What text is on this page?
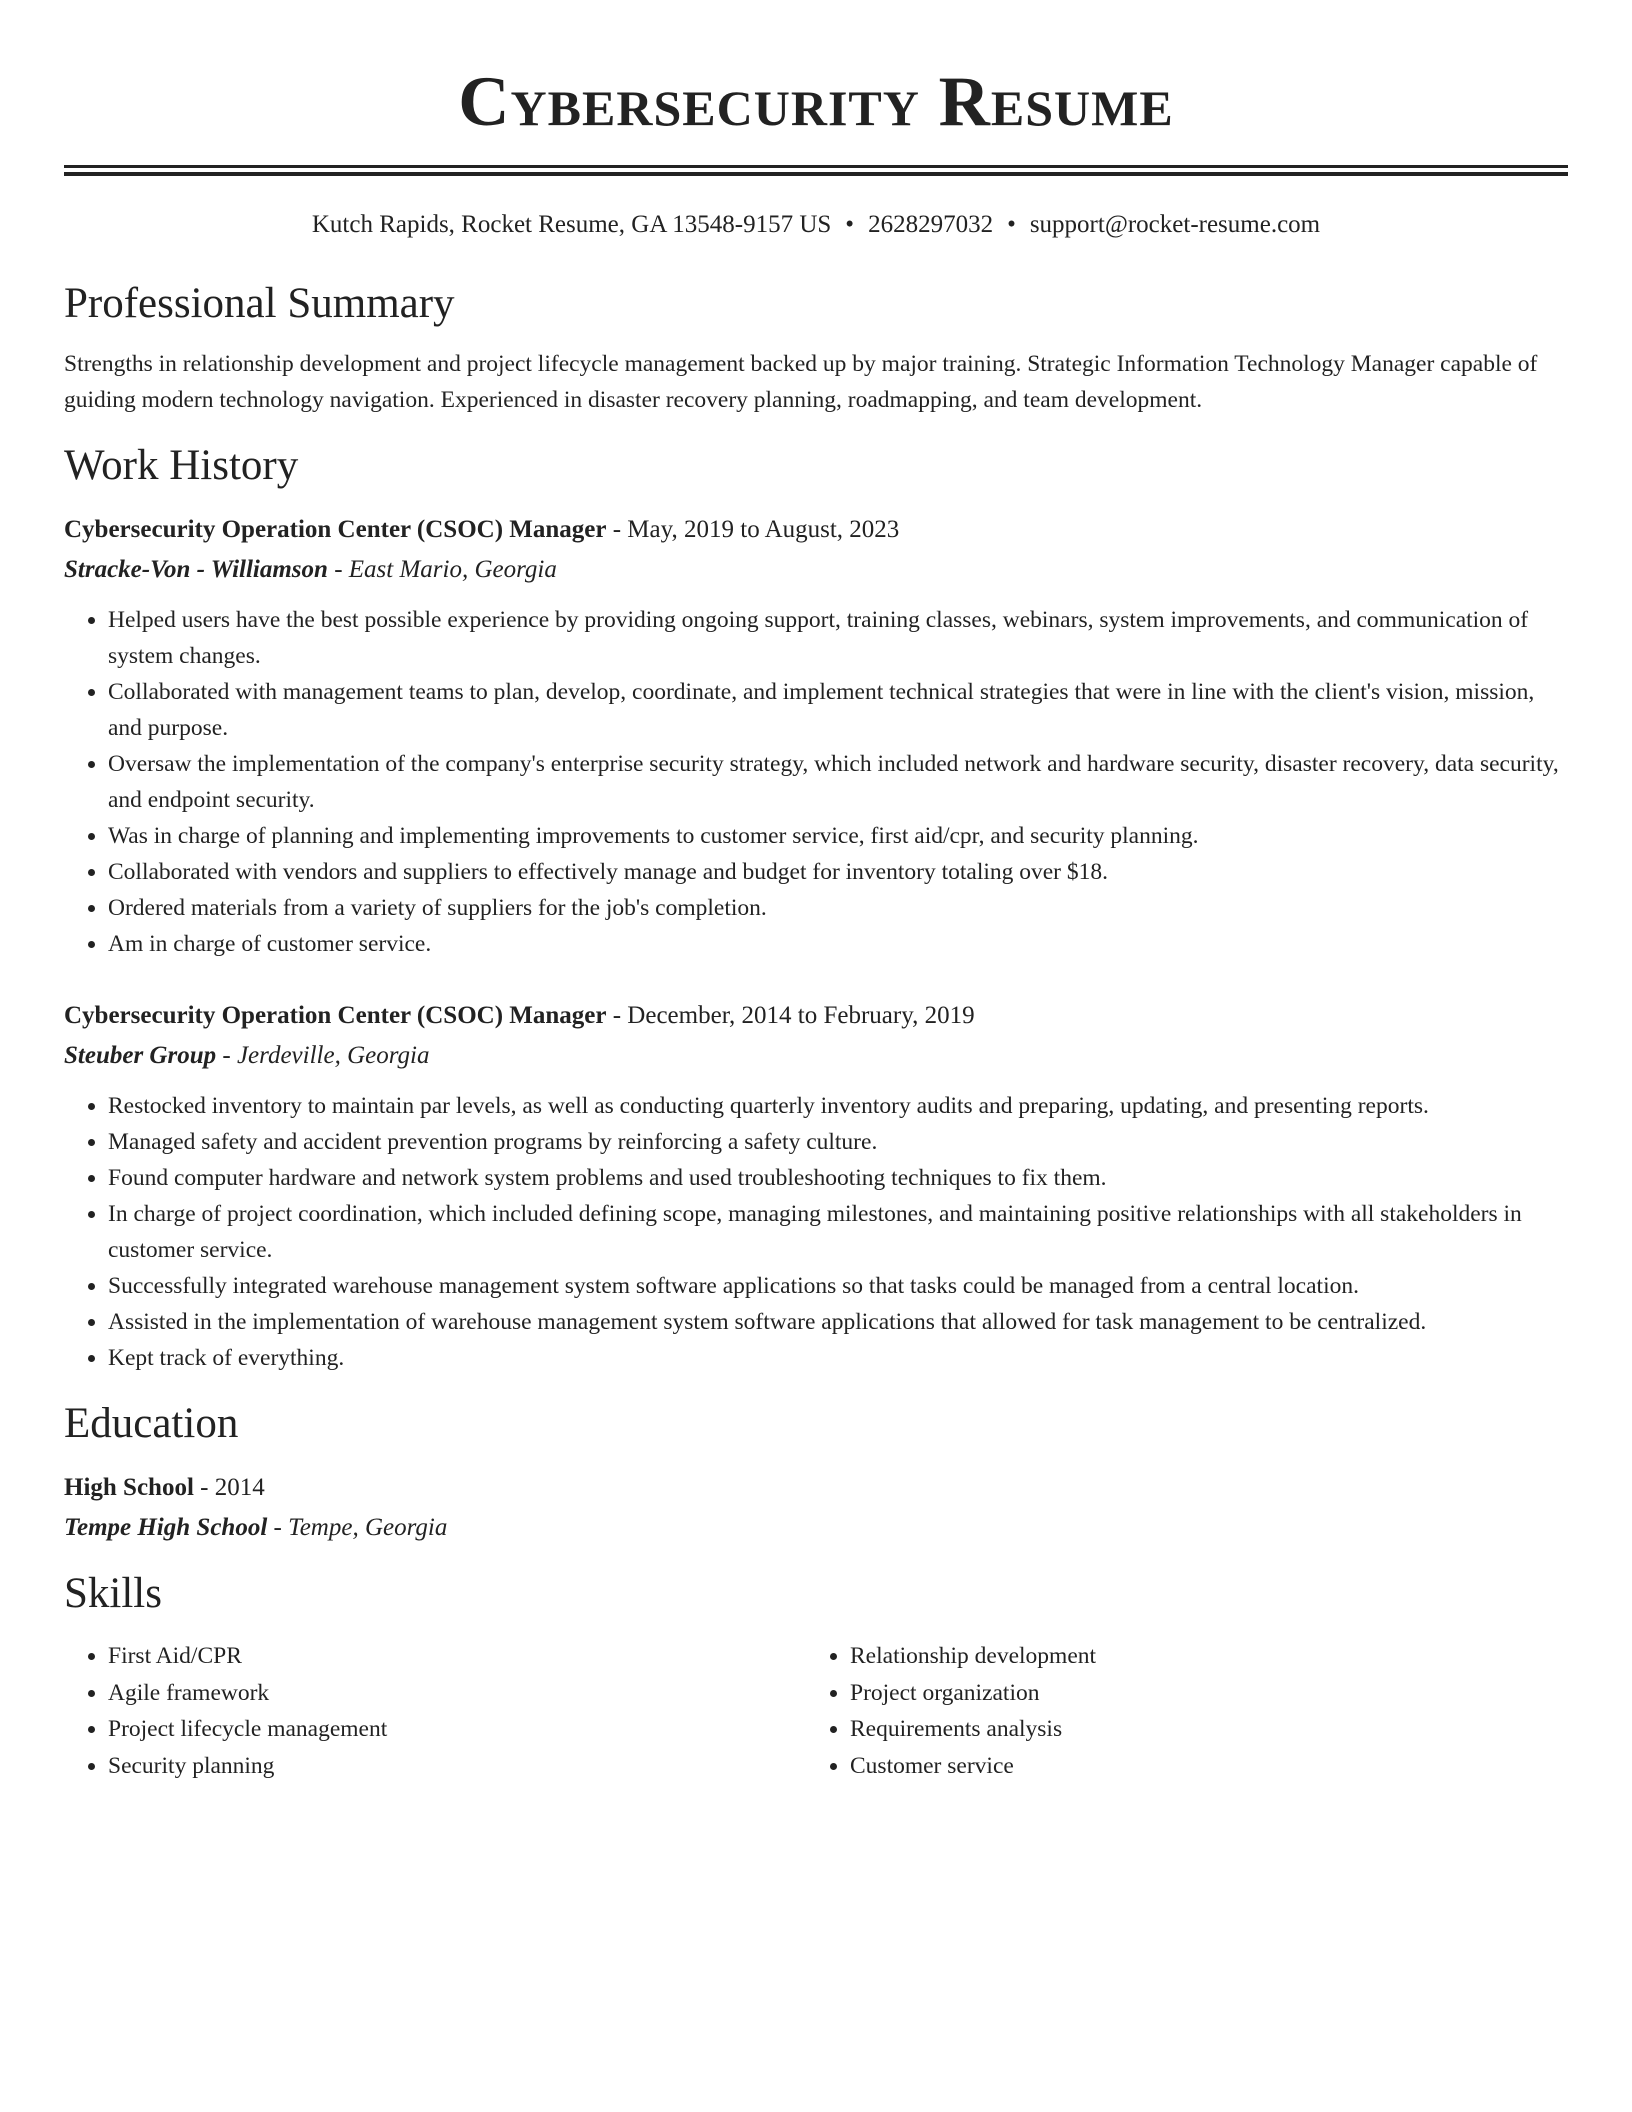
Cybersecurity Resume
Kutch Rapids, Rocket Resume, GA 13548-9157 US • 2628297032 • support@rocket-resume.com
Professional Summary
Strengths in relationship development and project lifecycle management backed up by major training. Strategic Information Technology Manager capable of guiding modern technology navigation. Experienced in disaster recovery planning, roadmapping, and team development.
Work History
Cybersecurity Operation Center (CSOC) Manager - May, 2019 to August, 2023
Stracke-Von - Williamson - East Mario, Georgia
• Helped users have the best possible experience by providing ongoing support, training classes, webinars, system improvements, and communication of system changes.
• Collaborated with management teams to plan, develop, coordinate, and implement technical strategies that were in line with the client's vision, mission, and purpose.
• Oversaw the implementation of the company's enterprise security strategy, which included network and hardware security, disaster recovery, data security, and endpoint security.
• Was in charge of planning and implementing improvements to customer service, first aid/cpr, and security planning.
• Collaborated with vendors and suppliers to effectively manage and budget for inventory totaling over $18.
• Ordered materials from a variety of suppliers for the job's completion.
• Am in charge of customer service.
Cybersecurity Operation Center (CSOC) Manager - December, 2014 to February, 2019
Steuber Group - Jerdeville, Georgia
• Restocked inventory to maintain par levels, as well as conducting quarterly inventory audits and preparing, updating, and presenting reports.
• Managed safety and accident prevention programs by reinforcing a safety culture.
• Found computer hardware and network system problems and used troubleshooting techniques to fix them.
• In charge of project coordination, which included defining scope, managing milestones, and maintaining positive relationships with all stakeholders in customer service.
• Successfully integrated warehouse management system software applications so that tasks could be managed from a central location.
• Assisted in the implementation of warehouse management system software applications that allowed for task management to be centralized.
• Kept track of everything.
Education
High School - 2014
Tempe High School - Tempe, Georgia
Skills
• First Aid/CPR
• Agile framework
• Project lifecycle management
• Security planning
• Relationship development
• Project organization
• Requirements analysis
• Customer service
